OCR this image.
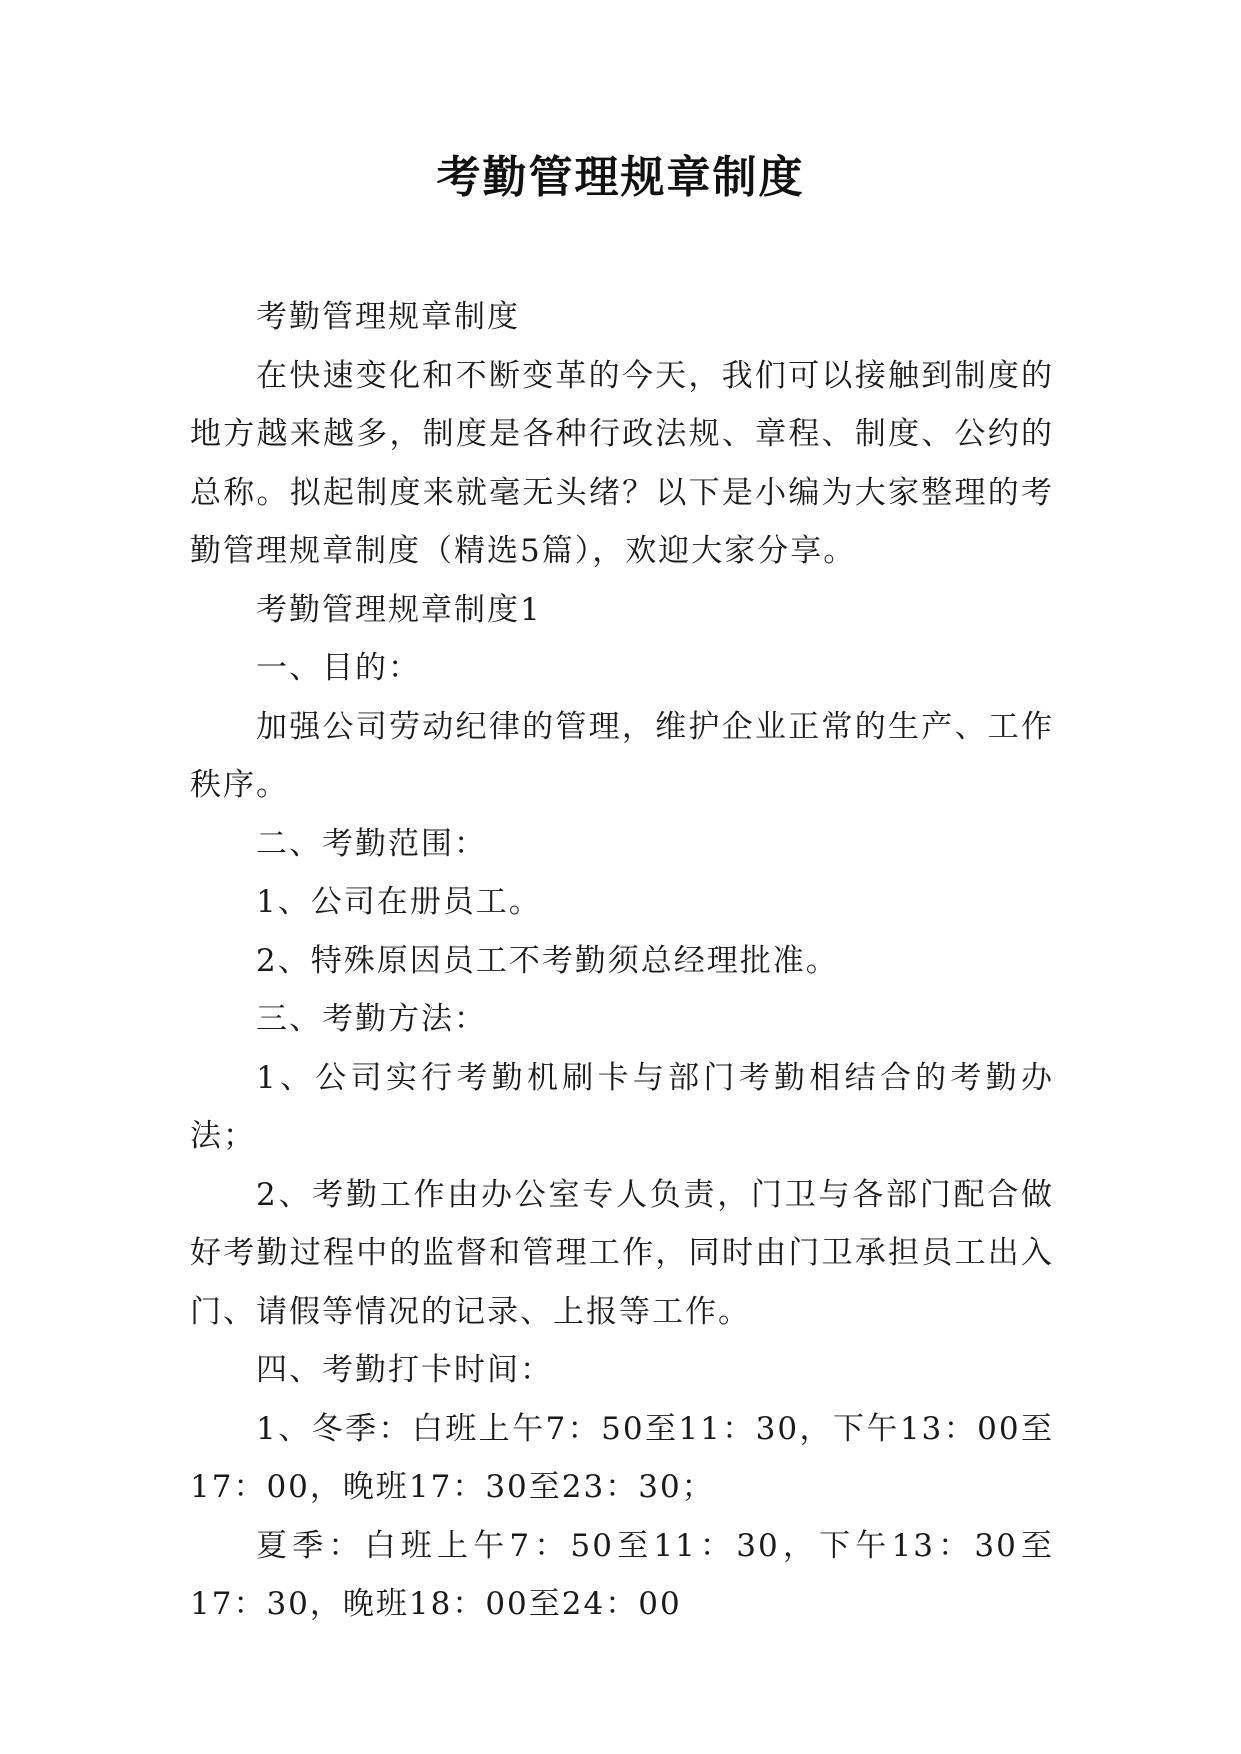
考勤管理规章制度

考勤管理规章制度

在快速变化和不断变革的今天，我们可以接触到制度的地方越来越多，制度是各种行政法规、章程、制度、公约的总称。拟起制度来就毫无头绪？以下是小编为大家整理的考勤管理规章制度（精选5篇），欢迎大家分享。

考勤管理规章制度1

一、目的：

加强公司劳动纪律的管理，维护企业正常的生产、工作秩序。

二、考勤范围：

1、公司在册员工。

2、特殊原因员工不考勤须总经理批准。

三、考勤方法：

1、公司实行考勤机刷卡与部门考勤相结合的考勤办法；

2、考勤工作由办公室专人负责，门卫与各部门配合做好考勤过程中的监督和管理工作，同时由门卫承担员工出入门、请假等情况的记录、上报等工作。

四、考勤打卡时间：

1、冬季：白班上午7：50至11：30，下午13：00至17：00，晚班17：30至23：30；

夏季：白班上午7：50至11：30，下午13：30至17：30，晚班18：00至24：00
